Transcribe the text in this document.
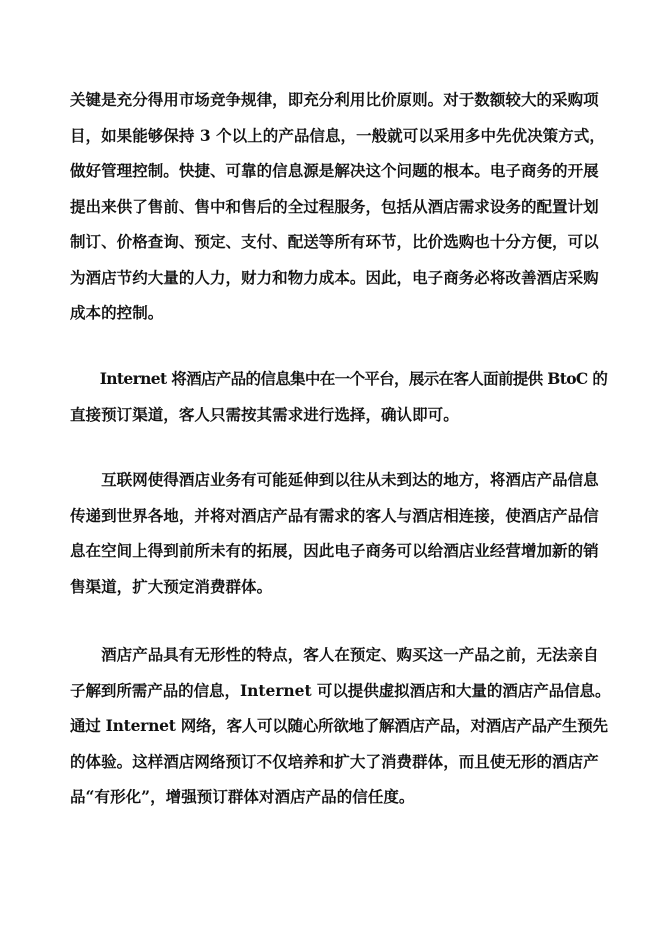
关键是充分得用市场竞争规律，即充分利用比价原则。对于数额较大的采购项
目，如果能够保持 3 个以上的产品信息，一般就可以采用多中先优决策方式，
做好管理控制。快捷、可靠的信息源是解决这个问题的根本。电子商务的开展
提出来供了售前、售中和售后的全过程服务，包括从酒店需求设务的配置计划
制订、价格查询、预定、支付、配送等所有环节，比价选购也十分方便，可以
为酒店节约大量的人力，财力和物力成本。因此，电子商务必将改善酒店采购
成本的控制。
　　Internet 将酒店产品的信息集中在一个平台，展示在客人面前提供 BtoC 的
直接预订渠道，客人只需按其需求进行选择，确认即可。
　　互联网使得酒店业务有可能延伸到以往从未到达的地方，将酒店产品信息
传递到世界各地，并将对酒店产品有需求的客人与酒店相连接，使酒店产品信
息在空间上得到前所未有的拓展，因此电子商务可以给酒店业经营增加新的销
售渠道，扩大预定消费群体。
　　酒店产品具有无形性的特点，客人在预定、购买这一产品之前，无法亲自
子解到所需产品的信息，Internet 可以提供虚拟酒店和大量的酒店产品信息。
通过 Internet 网络，客人可以随心所欲地了解酒店产品，对酒店产品产生预先
的体验。这样酒店网络预订不仅培养和扩大了消费群体，而且使无形的酒店产
品“有形化”，增强预订群体对酒店产品的信任度。
